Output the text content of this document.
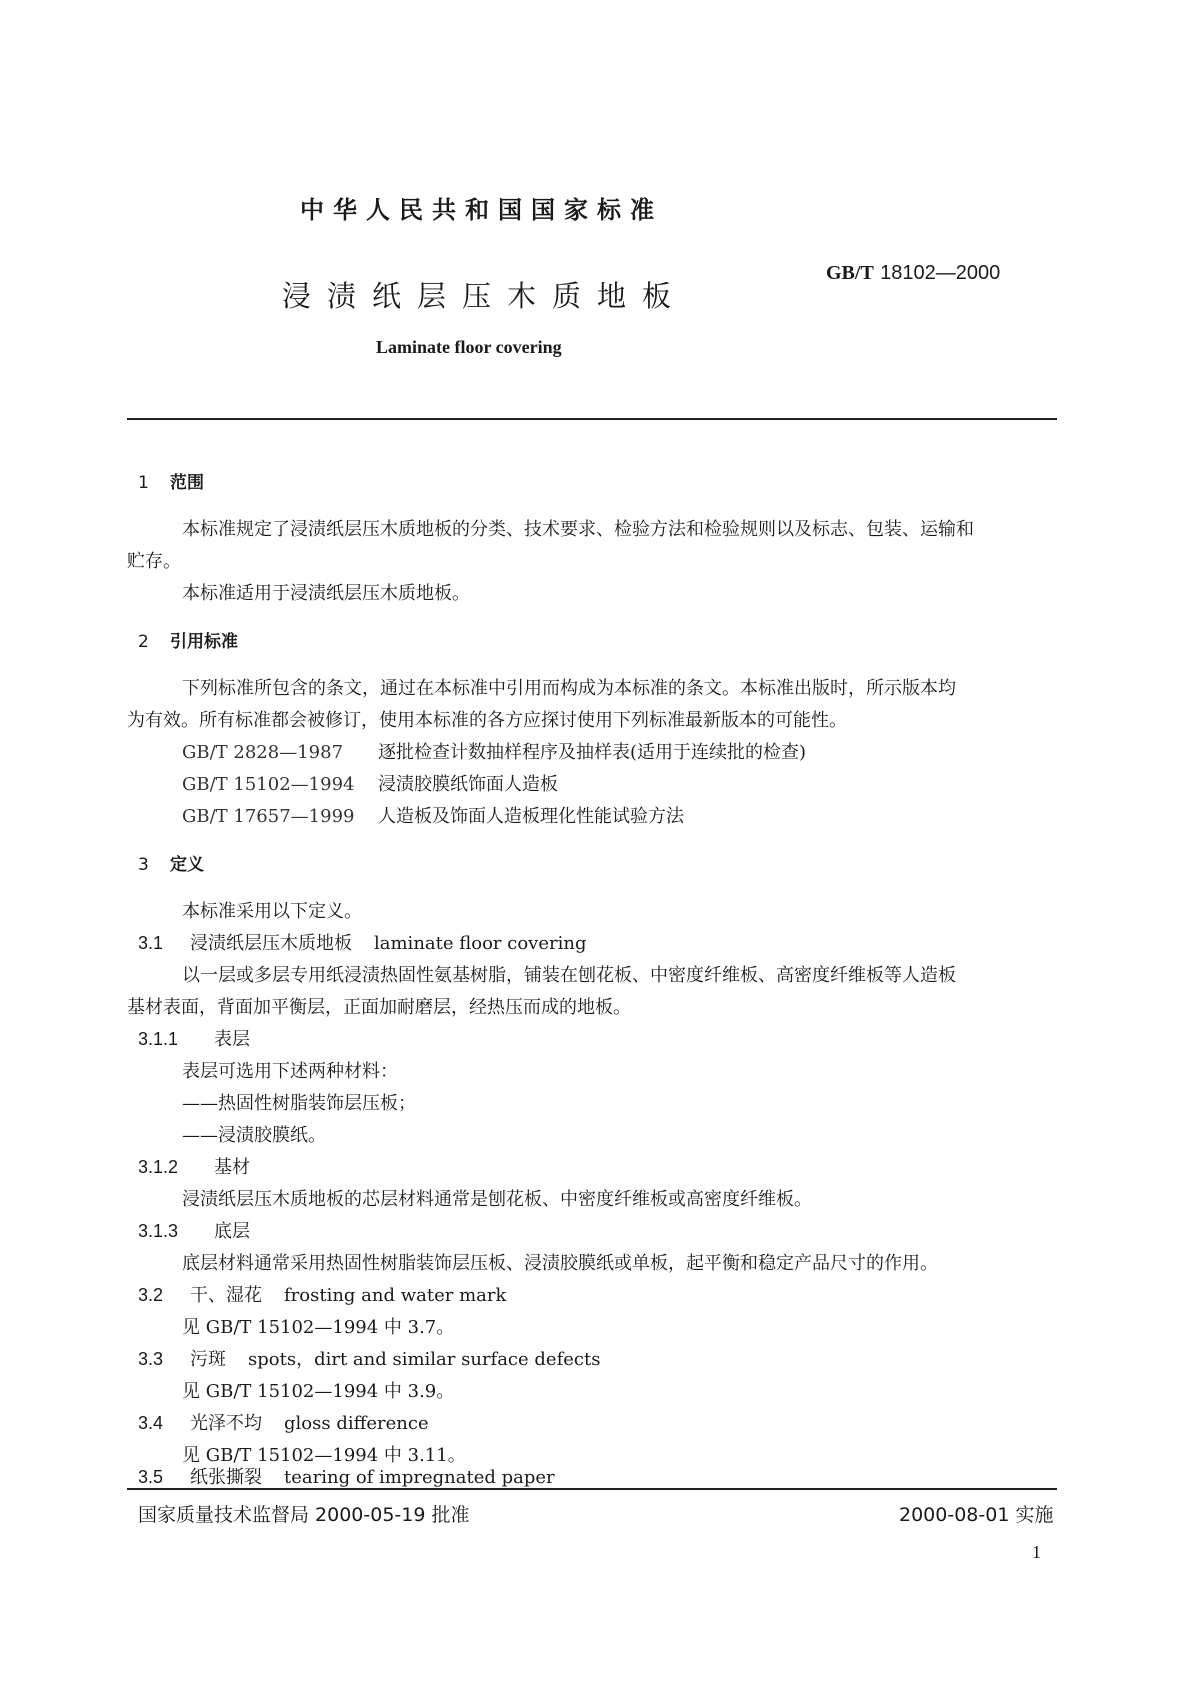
中华人民共和国国家标准
浸渍纸层压木质地板
Laminate floor covering
GB/T 18102—2000
1 范围
本标准规定了浸渍纸层压木质地板的分类、技术要求、检验方法和检验规则以及标志、包装、运输和
贮存。
本标准适用于浸渍纸层压木质地板。
2 引用标准
下列标准所包含的条文，通过在本标准中引用而构成为本标准的条文。本标准出版时，所示版本均
为有效。所有标准都会被修订，使用本标准的各方应探讨使用下列标准最新版本的可能性。
GB/T 2828—1987 逐批检查计数抽样程序及抽样表(适用于连续批的检查)
GB/T 15102—1994 浸渍胶膜纸饰面人造板
GB/T 17657—1999 人造板及饰面人造板理化性能试验方法
3 定义
本标准采用以下定义。
3.1 浸渍纸层压木质地板 laminate floor covering
以一层或多层专用纸浸渍热固性氨基树脂，铺装在刨花板、中密度纤维板、高密度纤维板等人造板
基材表面，背面加平衡层，正面加耐磨层，经热压而成的地板。
3.1.1 表层
表层可选用下述两种材料：
——热固性树脂装饰层压板；
——浸渍胶膜纸。
3.1.2 基材
浸渍纸层压木质地板的芯层材料通常是刨花板、中密度纤维板或高密度纤维板。
3.1.3 底层
底层材料通常采用热固性树脂装饰层压板、浸渍胶膜纸或单板，起平衡和稳定产品尺寸的作用。
3.2 干、湿花 frosting and water mark
见 GB/T 15102—1994 中 3.7。
3.3 污斑 spots，dirt and similar surface defects
见 GB/T 15102—1994 中 3.9。
3.4 光泽不均 gloss difference
见 GB/T 15102—1994 中 3.11。
3.5 纸张撕裂 tearing of impregnated paper
国家质量技术监督局 2000-05-19 批准	2000-08-01 实施
1
